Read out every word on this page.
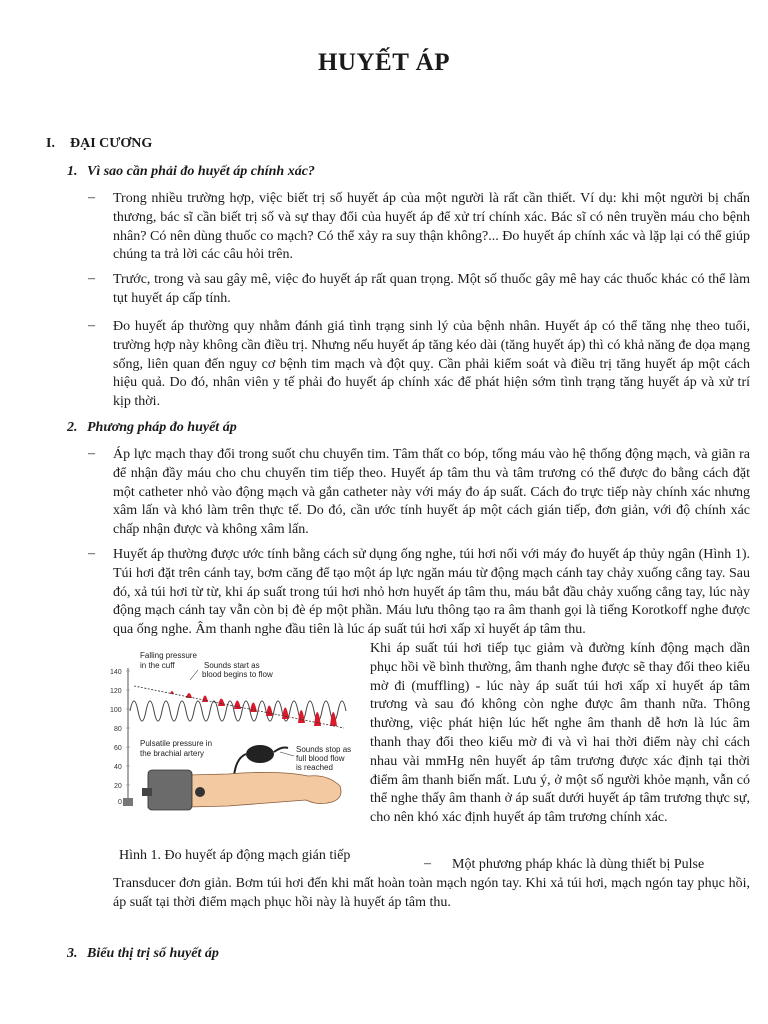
HUYẾT ÁP
I. ĐẠI CƯƠNG
1. Vì sao cần phải đo huyết áp chính xác?
– Trong nhiều trường hợp, việc biết trị số huyết áp của một người là rất cần thiết. Ví dụ: khi một người bị chấn thương, bác sĩ cần biết trị số và sự thay đổi của huyết áp để xử trí chính xác. Bác sĩ có nên truyền máu cho bệnh nhân? Có nên dùng thuốc co mạch? Có thể xảy ra suy thận không?... Đo huyết áp chính xác và lặp lại có thể giúp chúng ta trả lời các câu hỏi trên.
– Trước, trong và sau gây mê, việc đo huyết áp rất quan trọng. Một số thuốc gây mê hay các thuốc khác có thể làm tụt huyết áp cấp tính.
– Đo huyết áp thường quy nhằm đánh giá tình trạng sinh lý của bệnh nhân. Huyết áp có thể tăng nhẹ theo tuổi, trường hợp này không cần điều trị. Nhưng nếu huyết áp tăng kéo dài (tăng huyết áp) thì có khả năng đe dọa mạng sống, liên quan đến nguy cơ bệnh tim mạch và đột quỵ. Cần phải kiểm soát và điều trị tăng huyết áp một cách hiệu quả. Do đó, nhân viên y tế phải đo huyết áp chính xác để phát hiện sớm tình trạng tăng huyết áp và xử trí kịp thời.
2. Phương pháp đo huyết áp
– Áp lực mạch thay đổi trong suốt chu chuyển tim. Tâm thất co bóp, tống máu vào hệ thống động mạch, và giãn ra để nhận đầy máu cho chu chuyển tim tiếp theo. Huyết áp tâm thu và tâm trương có thể được đo bằng cách đặt một catheter nhỏ vào động mạch và gắn catheter này với máy đo áp suất. Cách đo trực tiếp này chính xác nhưng xâm lấn và khó làm trên thực tế. Do đó, cần ước tính huyết áp một cách gián tiếp, đơn giản, với độ chính xác chấp nhận được và không xâm lấn.
– Huyết áp thường được ước tính bằng cách sử dụng ống nghe, túi hơi nối với máy đo huyết áp thủy ngân (Hình 1). Túi hơi đặt trên cánh tay, bơm căng để tạo một áp lực ngăn máu từ động mạch cánh tay chảy xuống cẳng tay. Sau đó, xả túi hơi từ từ, khi áp suất trong túi hơi nhỏ hơn huyết áp tâm thu, máu bắt đầu chảy xuống cẳng tay, lúc này động mạch cánh tay vẫn còn bị đè ép một phần. Máu lưu thông tạo ra âm thanh gọi là tiếng Korotkoff nghe được qua ống nghe. Âm thanh nghe đầu tiên là lúc áp suất túi hơi xấp xỉ huyết áp tâm thu.
140
120
100
80
60
40
20
0
Falling pressure
in the cuff	Sounds start as
blood begins to flow
Pulsatile pressure in
the brachial artery	Sounds stop as
full blood flow
is reached
Hình 1. Đo huyết áp động mạch gián tiếp
Khi áp suất túi hơi tiếp tục giảm và đường kính động mạch dần phục hồi về bình thường, âm thanh nghe được sẽ thay đổi theo kiểu mờ đi (muffling) - lúc này áp suất túi hơi xấp xỉ huyết áp tâm trương và sau đó không còn nghe được âm thanh nữa. Thông thường, việc phát hiện lúc hết nghe âm thanh dễ hơn là lúc âm thanh thay đổi theo kiểu mờ đi và vì hai thời điểm này chỉ cách nhau vài mmHg nên huyết áp tâm trương được xác định tại thời điểm âm thanh biến mất. Lưu ý, ở một số người khỏe mạnh, vẫn có thể nghe thấy âm thanh ở áp suất dưới huyết áp tâm trương thực sự, cho nên khó xác định huyết áp tâm trương chính xác.
– Một phương pháp khác là dùng thiết bị Pulse
Transducer đơn giản. Bơm túi hơi đến khi mất hoàn toàn mạch ngón tay. Khi xả túi hơi, mạch ngón tay phục hồi, áp suất tại thời điểm mạch phục hồi này là huyết áp tâm thu.
3. Biểu thị trị số huyết áp
